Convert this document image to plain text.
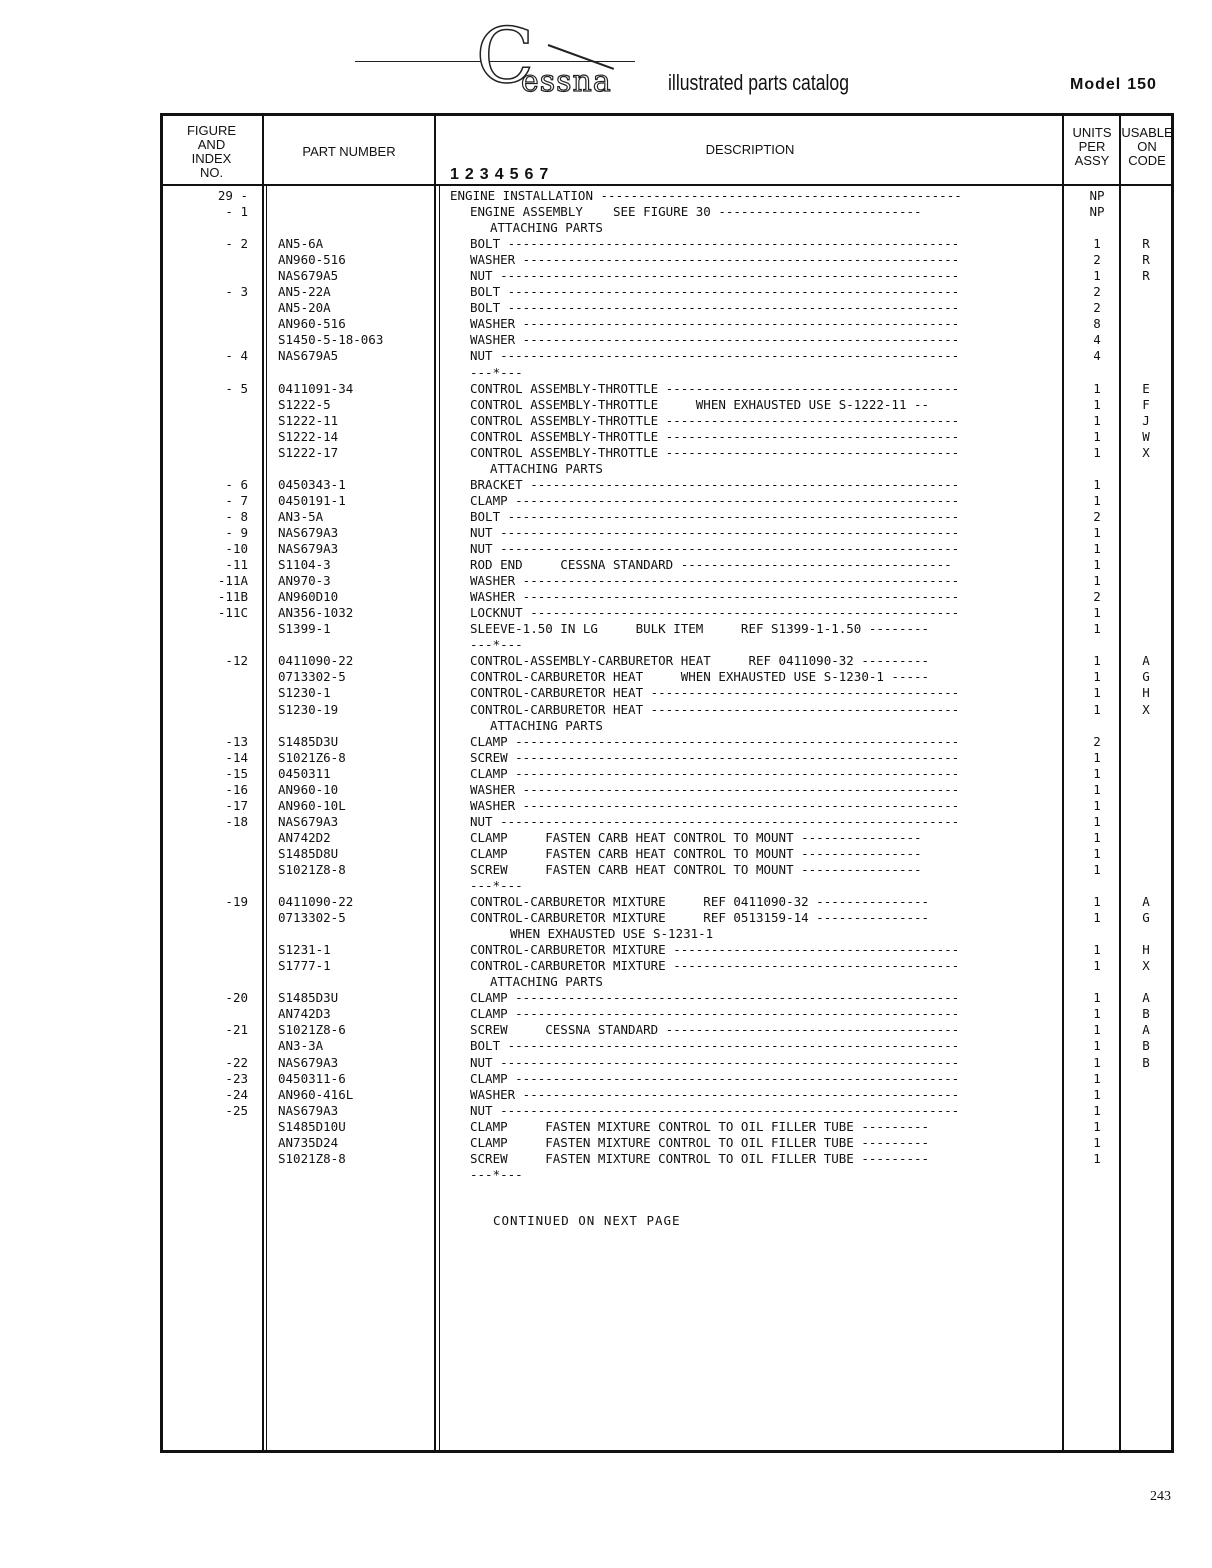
C
essna	illustrated parts catalog	Model 150
FIGURE
AND
INDEX
NO.
PART NUMBER	DESCRIPTION
1234567
UNITS
PER
ASSY
USABLE
ON
CODE
29 -	ENGINE INSTALLATION ------------------------------------------------	NP
- 1	ENGINE ASSEMBLY    SEE FIGURE 30 ---------------------------	NP
ATTACHING PARTS
- 2 AN5-6A	BOLT ------------------------------------------------------------	1	R
AN960-516	WASHER ----------------------------------------------------------	2	R
NAS679A5	NUT -------------------------------------------------------------	1	R
- 3 AN5-22A	BOLT ------------------------------------------------------------	2
AN5-20A	BOLT ------------------------------------------------------------	2
AN960-516	WASHER ----------------------------------------------------------	8
S1450-5-18-063	WASHER ----------------------------------------------------------	4
- 4 NAS679A5	NUT -------------------------------------------------------------	4
---*---
- 5 0411091-34	CONTROL ASSEMBLY-THROTTLE ---------------------------------------	1	E
S1222-5	CONTROL ASSEMBLY-THROTTLE     WHEN EXHAUSTED USE S-1222-11 --	1	F
S1222-11	CONTROL ASSEMBLY-THROTTLE ---------------------------------------	1	J
S1222-14	CONTROL ASSEMBLY-THROTTLE ---------------------------------------	1	W
S1222-17	CONTROL ASSEMBLY-THROTTLE ---------------------------------------	1	X
ATTACHING PARTS
- 6 0450343-1	BRACKET ---------------------------------------------------------	1
- 7 0450191-1	CLAMP -----------------------------------------------------------	1
- 8 AN3-5A	BOLT ------------------------------------------------------------	2
- 9 NAS679A3	NUT -------------------------------------------------------------	1
-10 NAS679A3	NUT -------------------------------------------------------------	1
-11 S1104-3	ROD END     CESSNA STANDARD ------------------------------------	1
-11A AN970-3	WASHER ----------------------------------------------------------	1
-11B AN960D10	WASHER ----------------------------------------------------------	2
-11C AN356-1032	LOCKNUT ---------------------------------------------------------	1
S1399-1	SLEEVE-1.50 IN LG     BULK ITEM     REF S1399-1-1.50 --------	1
---*---
-12 0411090-22	CONTROL-ASSEMBLY-CARBURETOR HEAT     REF 0411090-32 ---------	1	A
0713302-5	CONTROL-CARBURETOR HEAT     WHEN EXHAUSTED USE S-1230-1 -----	1	G
S1230-1	CONTROL-CARBURETOR HEAT -----------------------------------------	1	H
S1230-19	CONTROL-CARBURETOR HEAT -----------------------------------------	1	X
ATTACHING PARTS
-13 S1485D3U	CLAMP -----------------------------------------------------------	2
-14 S1021Z6-8	SCREW -----------------------------------------------------------	1
-15 0450311	CLAMP -----------------------------------------------------------	1
-16 AN960-10	WASHER ----------------------------------------------------------	1
-17 AN960-10L	WASHER ----------------------------------------------------------	1
-18 NAS679A3	NUT -------------------------------------------------------------	1
AN742D2	CLAMP     FASTEN CARB HEAT CONTROL TO MOUNT ----------------	1
S1485D8U	CLAMP     FASTEN CARB HEAT CONTROL TO MOUNT ----------------	1
S1021Z8-8	SCREW     FASTEN CARB HEAT CONTROL TO MOUNT ----------------	1
---*---
-19 0411090-22	CONTROL-CARBURETOR MIXTURE     REF 0411090-32 ---------------	1	A
0713302-5	CONTROL-CARBURETOR MIXTURE     REF 0513159-14 ---------------	1	G
WHEN EXHAUSTED USE S-1231-1
S1231-1	CONTROL-CARBURETOR MIXTURE --------------------------------------	1	H
S1777-1	CONTROL-CARBURETOR MIXTURE --------------------------------------	1	X
ATTACHING PARTS
-20 S1485D3U	CLAMP -----------------------------------------------------------	1	A
AN742D3	CLAMP -----------------------------------------------------------	1	B
-21 S1021Z8-6	SCREW     CESSNA STANDARD ---------------------------------------	1	A
AN3-3A	BOLT ------------------------------------------------------------	1	B
-22 NAS679A3	NUT -------------------------------------------------------------	1	B
-23 0450311-6	CLAMP -----------------------------------------------------------	1
-24 AN960-416L	WASHER ----------------------------------------------------------	1
-25 NAS679A3	NUT -------------------------------------------------------------	1
S1485D10U	CLAMP     FASTEN MIXTURE CONTROL TO OIL FILLER TUBE ---------	1
AN735D24	CLAMP     FASTEN MIXTURE CONTROL TO OIL FILLER TUBE ---------	1
S1021Z8-8	SCREW     FASTEN MIXTURE CONTROL TO OIL FILLER TUBE ---------	1
---*---
CONTINUED ON NEXT PAGE
243
